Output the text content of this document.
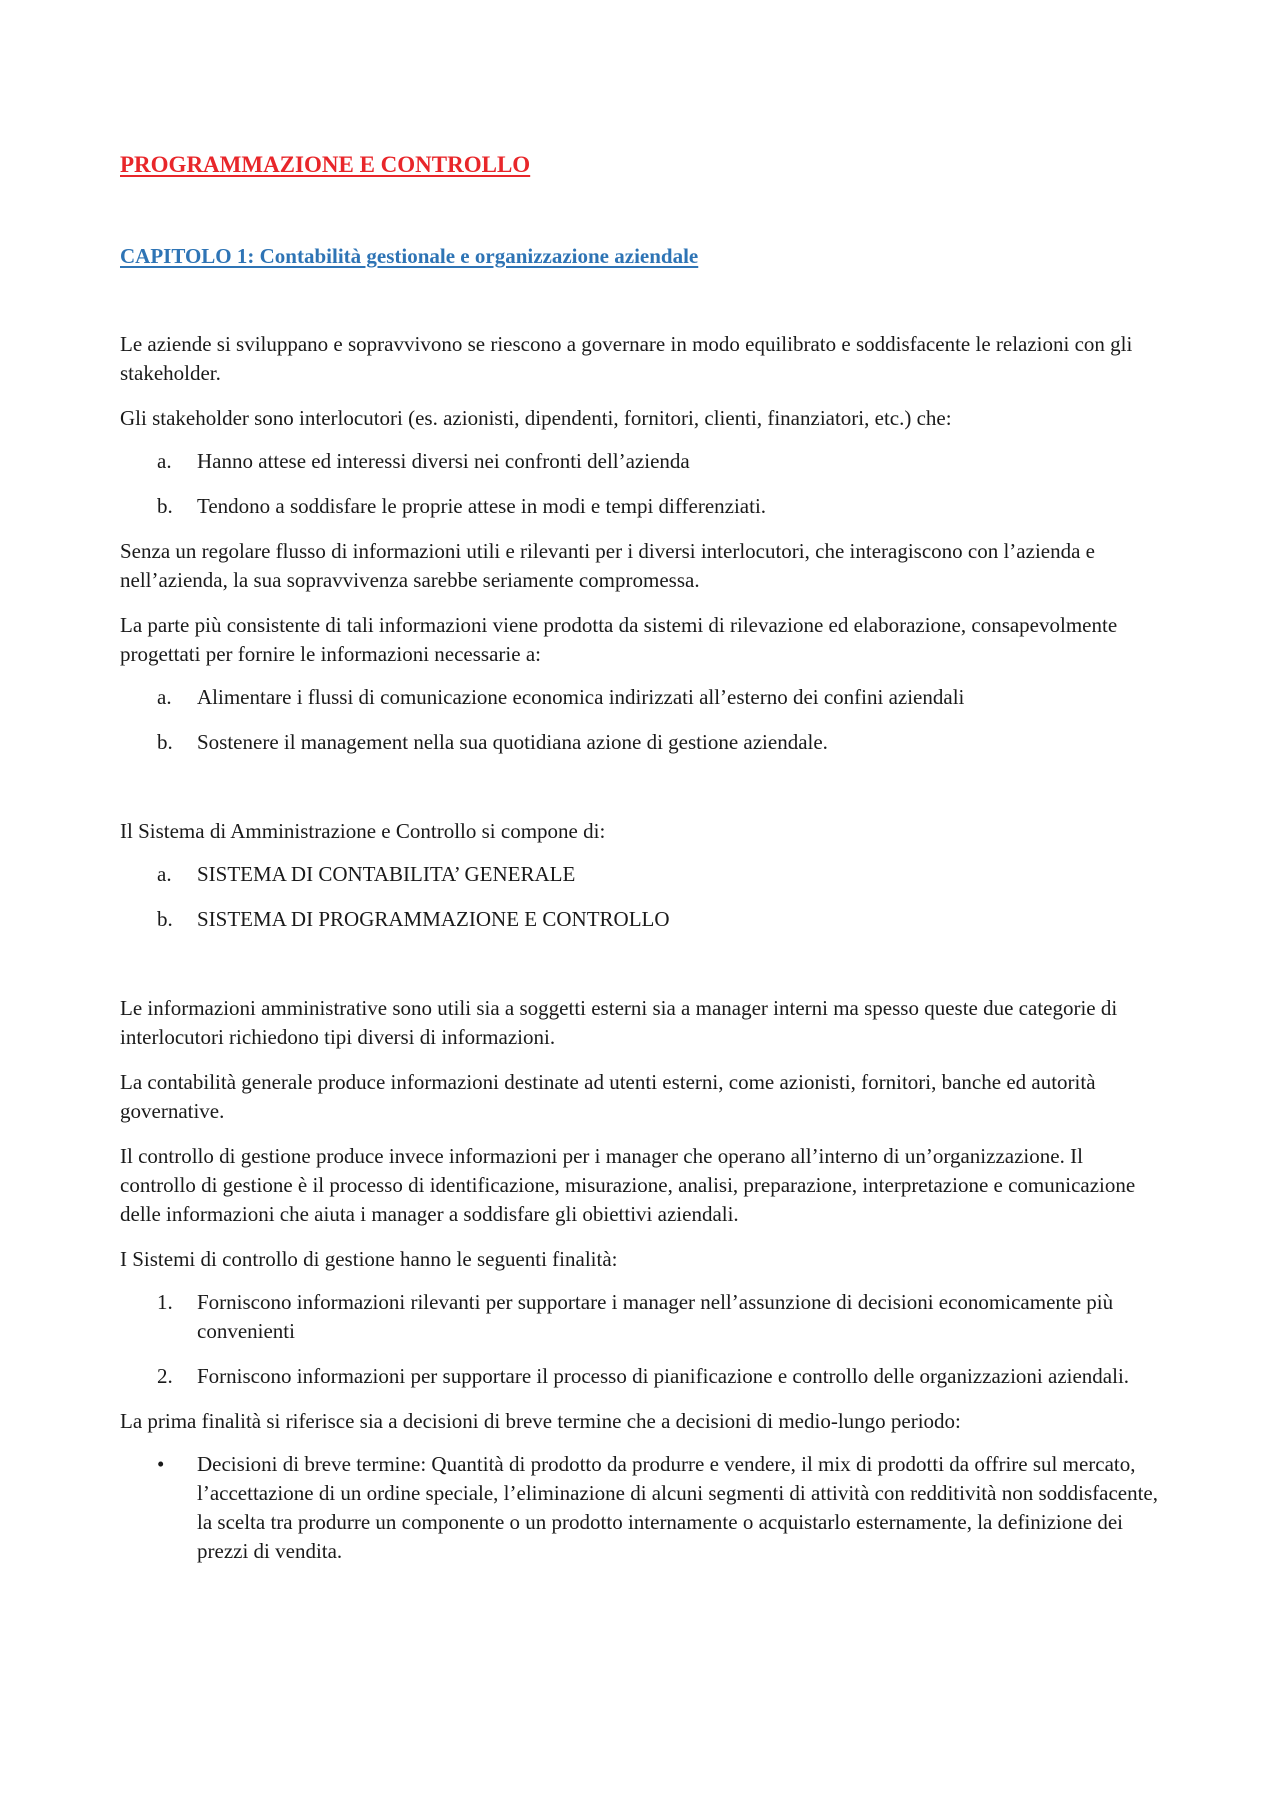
PROGRAMMAZIONE E CONTROLLO
CAPITOLO 1: Contabilità gestionale e organizzazione aziendale

Le aziende si sviluppano e sopravvivono se riescono a governare in modo equilibrato e soddisfacente le relazioni con gli stakeholder.

Gli stakeholder sono interlocutori (es. azionisti, dipendenti, fornitori, clienti, finanziatori, etc.) che:

a.	Hanno attese ed interessi diversi nei confronti dell’azienda
b.	Tendono a soddisfare le proprie attese in modi e tempi differenziati.

Senza un regolare flusso di informazioni utili e rilevanti per i diversi interlocutori, che interagiscono con l’azienda e nell’azienda, la sua sopravvivenza sarebbe seriamente compromessa.

La parte più consistente di tali informazioni viene prodotta da sistemi di rilevazione ed elaborazione, consapevolmente progettati per fornire le informazioni necessarie a:

a.	Alimentare i flussi di comunicazione economica indirizzati all’esterno dei confini aziendali
b.	Sostenere il management nella sua quotidiana azione di gestione aziendale.

Il Sistema di Amministrazione e Controllo si compone di:

a.	SISTEMA DI CONTABILITA’ GENERALE
b.	SISTEMA DI PROGRAMMAZIONE E CONTROLLO

Le informazioni amministrative sono utili sia a soggetti esterni sia a manager interni ma spesso queste due categorie di interlocutori richiedono tipi diversi di informazioni.

La contabilità generale produce informazioni destinate ad utenti esterni, come azionisti, fornitori, banche ed autorità governative.

Il controllo di gestione produce invece informazioni per i manager che operano all’interno di un’organizzazione. Il controllo di gestione è il processo di identificazione, misurazione, analisi, preparazione, interpretazione e comunicazione delle informazioni che aiuta i manager a soddisfare gli obiettivi aziendali.

I Sistemi di controllo di gestione hanno le seguenti finalità:

1.	Forniscono informazioni rilevanti per supportare i manager nell’assunzione di decisioni economicamente più convenienti
2.	Forniscono informazioni per supportare il processo di pianificazione e controllo delle organizzazioni aziendali.

La prima finalità si riferisce sia a decisioni di breve termine che a decisioni di medio-lungo periodo:

•	Decisioni di breve termine: Quantità di prodotto da produrre e vendere, il mix di prodotti da offrire sul mercato, l’accettazione di un ordine speciale, l’eliminazione di alcuni segmenti di attività con redditività non soddisfacente, la scelta tra produrre un componente o un prodotto internamente o acquistarlo esternamente, la definizione dei prezzi di vendita.
